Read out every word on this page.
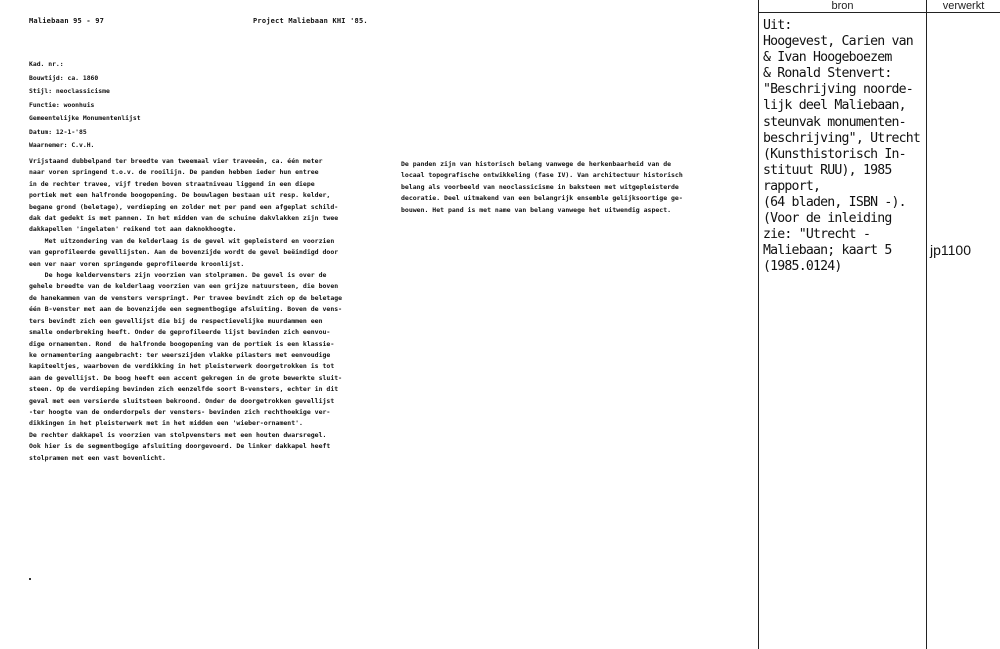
Maliebaan 95 - 97	Project Maliebaan KHI '85.
Kad. nr.:
Bouwtijd: ca. 1860
Stijl: neoclassicisme
Functie: woonhuis
Gemeentelijke Monumentenlijst
Datum: 12-1-'85
Waarnemer: C.v.H.
Vrijstaand dubbelpand ter breedte van tweemaal vier traveeën, ca. één meter
naar voren springend t.o.v. de rooilijn. De panden hebben ieder hun entree
in de rechter travee, vijf treden boven straatniveau liggend in een diepe
portiek met een halfronde boogopening. De bouwlagen bestaan uit resp. kelder,
begane grond (beletage), verdieping en zolder met per pand een afgeplat schild-
dak dat gedekt is met pannen. In het midden van de schuine dakvlakken zijn twee
dakkapellen 'ingelaten' reikend tot aan daknokhoogte.
Met uitzondering van de kelderlaag is de gevel wit gepleisterd en voorzien
van geprofileerde gevellijsten. Aan de bovenzijde wordt de gevel beëindigd door
een ver naar voren springende geprofileerde kroonlijst.
De hoge keldervensters zijn voorzien van stolpramen. De gevel is over de
gehele breedte van de kelderlaag voorzien van een grijze natuursteen, die boven
de hanekammen van de vensters verspringt. Per travee bevindt zich op de beletage
één B-venster met aan de bovenzijde een segmentbogige afsluiting. Boven de vens-
ters bevindt zich een gevellijst die bij de respectievelijke muurdammen een
smalle onderbreking heeft. Onder de geprofileerde lijst bevinden zich eenvou-
dige ornamenten. Rond  de halfronde boogopening van de portiek is een klassie-
ke ornamentering aangebracht: ter weerszijden vlakke pilasters met eenvoudige
kapiteeltjes, waarboven de verdikking in het pleisterwerk doorgetrokken is tot
aan de gevellijst. De boog heeft een accent gekregen in de grote bewerkte sluit-
steen. Op de verdieping bevinden zich eenzelfde soort B-vensters, echter in dit
geval met een versierde sluitsteen bekroond. Onder de doorgetrokken gevellijst
-ter hoogte van de onderdorpels der vensters- bevinden zich rechthoekige ver-
dikkingen in het pleisterwerk met in het midden een 'wieber-ornament'.
De rechter dakkapel is voorzien van stolpvensters met een houten dwarsregel.
Ook hier is de segmentbogige afsluiting doorgevoerd. De linker dakkapel heeft
stolpramen met een vast bovenlicht.
De panden zijn van historisch belang vanwege de herkenbaarheid van de
locaal topografische ontwikkeling (fase IV). Van architectuur historisch
belang als voorbeeld van neoclassicisme in baksteen met witgepleisterde
decoratie. Deel uitmakend van een belangrijk ensemble gelijksoortige ge-
bouwen. Het pand is met name van belang vanwege het uitwendig aspect.
bron	verwerkt
Uit:
Hoogevest, Carien van
& Ivan Hoogeboezem
& Ronald Stenvert:
"Beschrijving noorde-
lijk deel Maliebaan,
steunvak monumenten-
beschrijving", Utrecht
(Kunsthistorisch In-
stituut RUU), 1985
rapport,
(64 bladen, ISBN -).
(Voor de inleiding
zie: "Utrecht -
Maliebaan; kaart 5
(1985.0124)
jp1100
